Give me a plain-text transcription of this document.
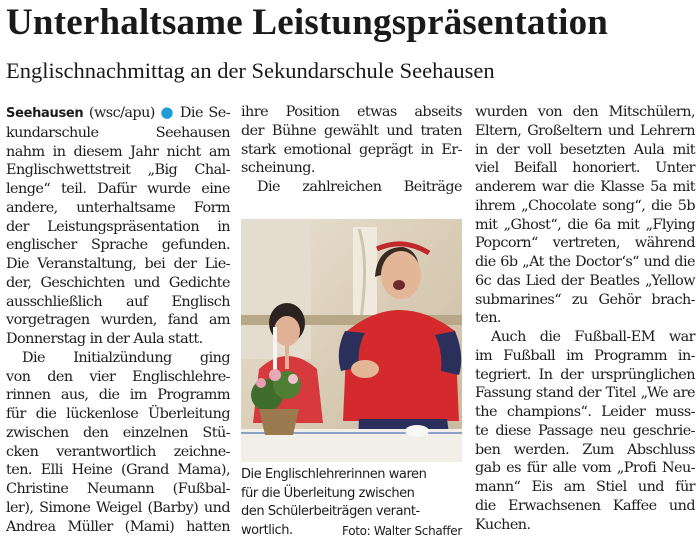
Unterhaltsame Leistungspräsentation
Englischnachmittag an der Sekundarschule Seehausen

Seehausen (wsc/apu) ● Die Se-
kundarschule Seehausen
nahm in diesem Jahr nicht am
Englischwettstreit „Big Chal-
lenge“ teil. Dafür wurde eine
andere, unterhaltsame Form
der Leistungspräsentation in
englischer Sprache gefunden.
Die Veranstaltung, bei der Lie-
der, Geschichten und Gedichte
ausschließlich auf Englisch
vorgetragen wurden, fand am
Donnerstag in der Aula statt.

Die Initialzündung ging
von den vier Englischlehre-
rinnen aus, die im Programm
für die lückenlose Überleitung
zwischen den einzelnen Stü-
cken verantwortlich zeichne-
ten. Elli Heine (Grand Mama),
Christine Neumann (Fußbal-
ler), Simone Weigel (Barby) und
Andrea Müller (Mami) hatten

ihre Position etwas abseits
der Bühne gewählt und traten
stark emotional geprägt in Er-
scheinung.

Die zahlreichen Beiträge

Die Englischlehrerinnen waren
für die Überleitung zwischen
den Schülerbeiträgen verant-
wortlich.	Foto: Walter Schaffer

wurden von den Mitschülern,
Eltern, Großeltern und Lehrern
in der voll besetzten Aula mit
viel Beifall honoriert. Unter
anderem war die Klasse 5a mit
ihrem „Chocolate song“, die 5b
mit „Ghost“, die 6a mit „Flying
Popcorn“ vertreten, während
die 6b „At the Doctor‘s“ und die
6c das Lied der Beatles „Yellow
submarines“ zu Gehör brach-
ten.

Auch die Fußball-EM war
im Fußball im Programm in-
tegriert. In der ursprünglichen
Fassung stand der Titel „We are
the champions“. Leider muss-
te diese Passage neu geschrie-
ben werden. Zum Abschluss
gab es für alle vom „Profi Neu-
mann“ Eis am Stiel und für
die Erwachsenen Kaffee und
Kuchen.
